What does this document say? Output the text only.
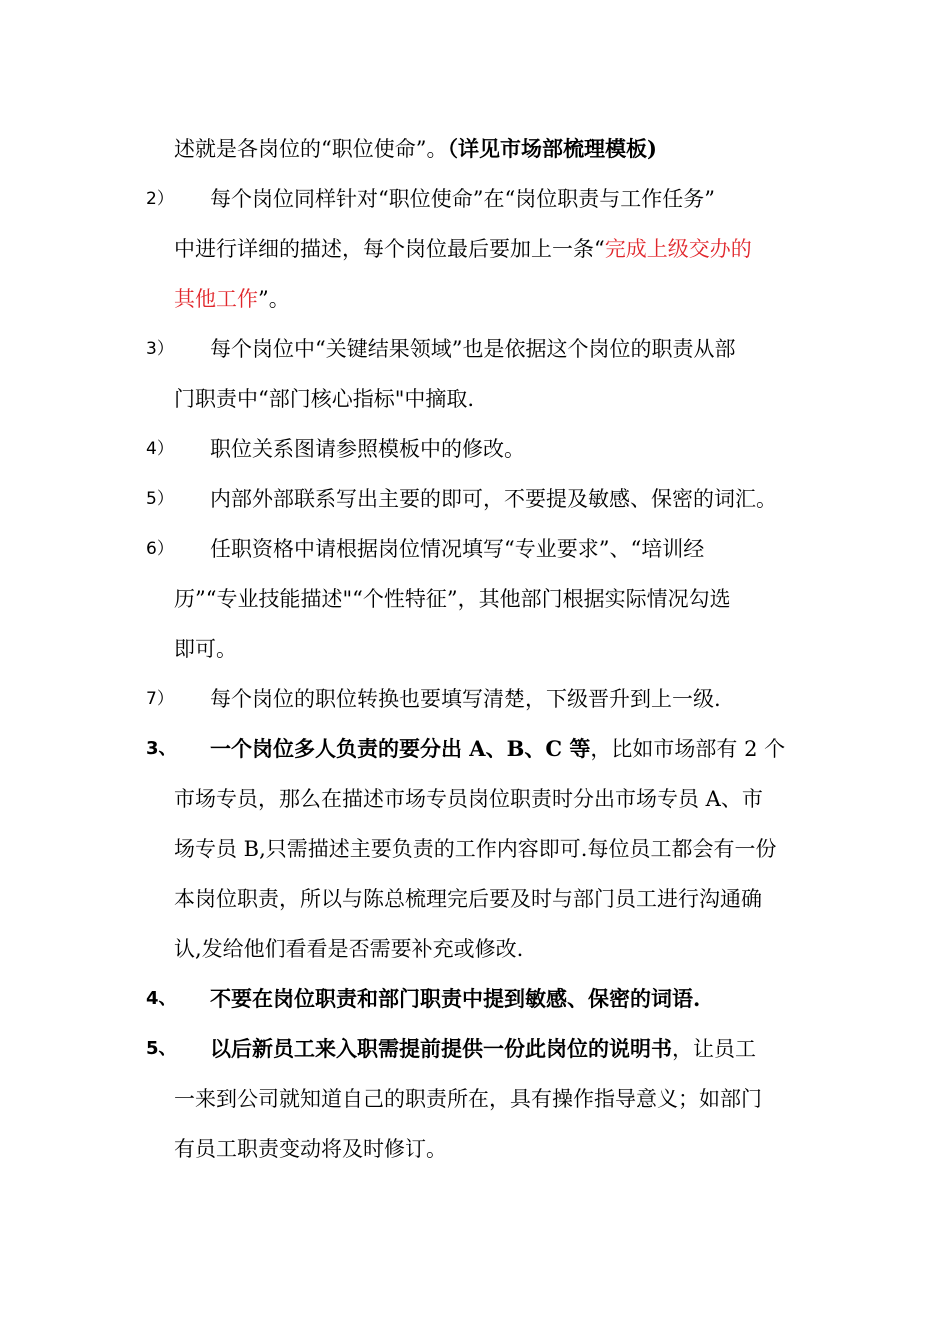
述就是各岗位的“职位使命”。（详见市场部梳理模板)
2） 每个岗位同样针对“职位使命”在“岗位职责与工作任务”
中进行详细的描述，每个岗位最后要加上一条“完成上级交办的
其他工作”。
3） 每个岗位中“关键结果领域”也是依据这个岗位的职责从部
门职责中“部门核心指标"中摘取.
4） 职位关系图请参照模板中的修改。
5） 内部外部联系写出主要的即可，不要提及敏感、保密的词汇。
6） 任职资格中请根据岗位情况填写“专业要求”、“培训经
历”“专业技能描述"“个性特征”，其他部门根据实际情况勾选
即可。
7） 每个岗位的职位转换也要填写清楚，下级晋升到上一级.
3、 一个岗位多人负责的要分出 A、B、C 等，比如市场部有 2 个
市场专员，那么在描述市场专员岗位职责时分出市场专员 A、市
场专员 B,只需描述主要负责的工作内容即可.每位员工都会有一份
本岗位职责，所以与陈总梳理完后要及时与部门员工进行沟通确
认,发给他们看看是否需要补充或修改.
4、 不要在岗位职责和部门职责中提到敏感、保密的词语.
5、 以后新员工来入职需提前提供一份此岗位的说明书，让员工
一来到公司就知道自己的职责所在，具有操作指导意义；如部门
有员工职责变动将及时修订。
